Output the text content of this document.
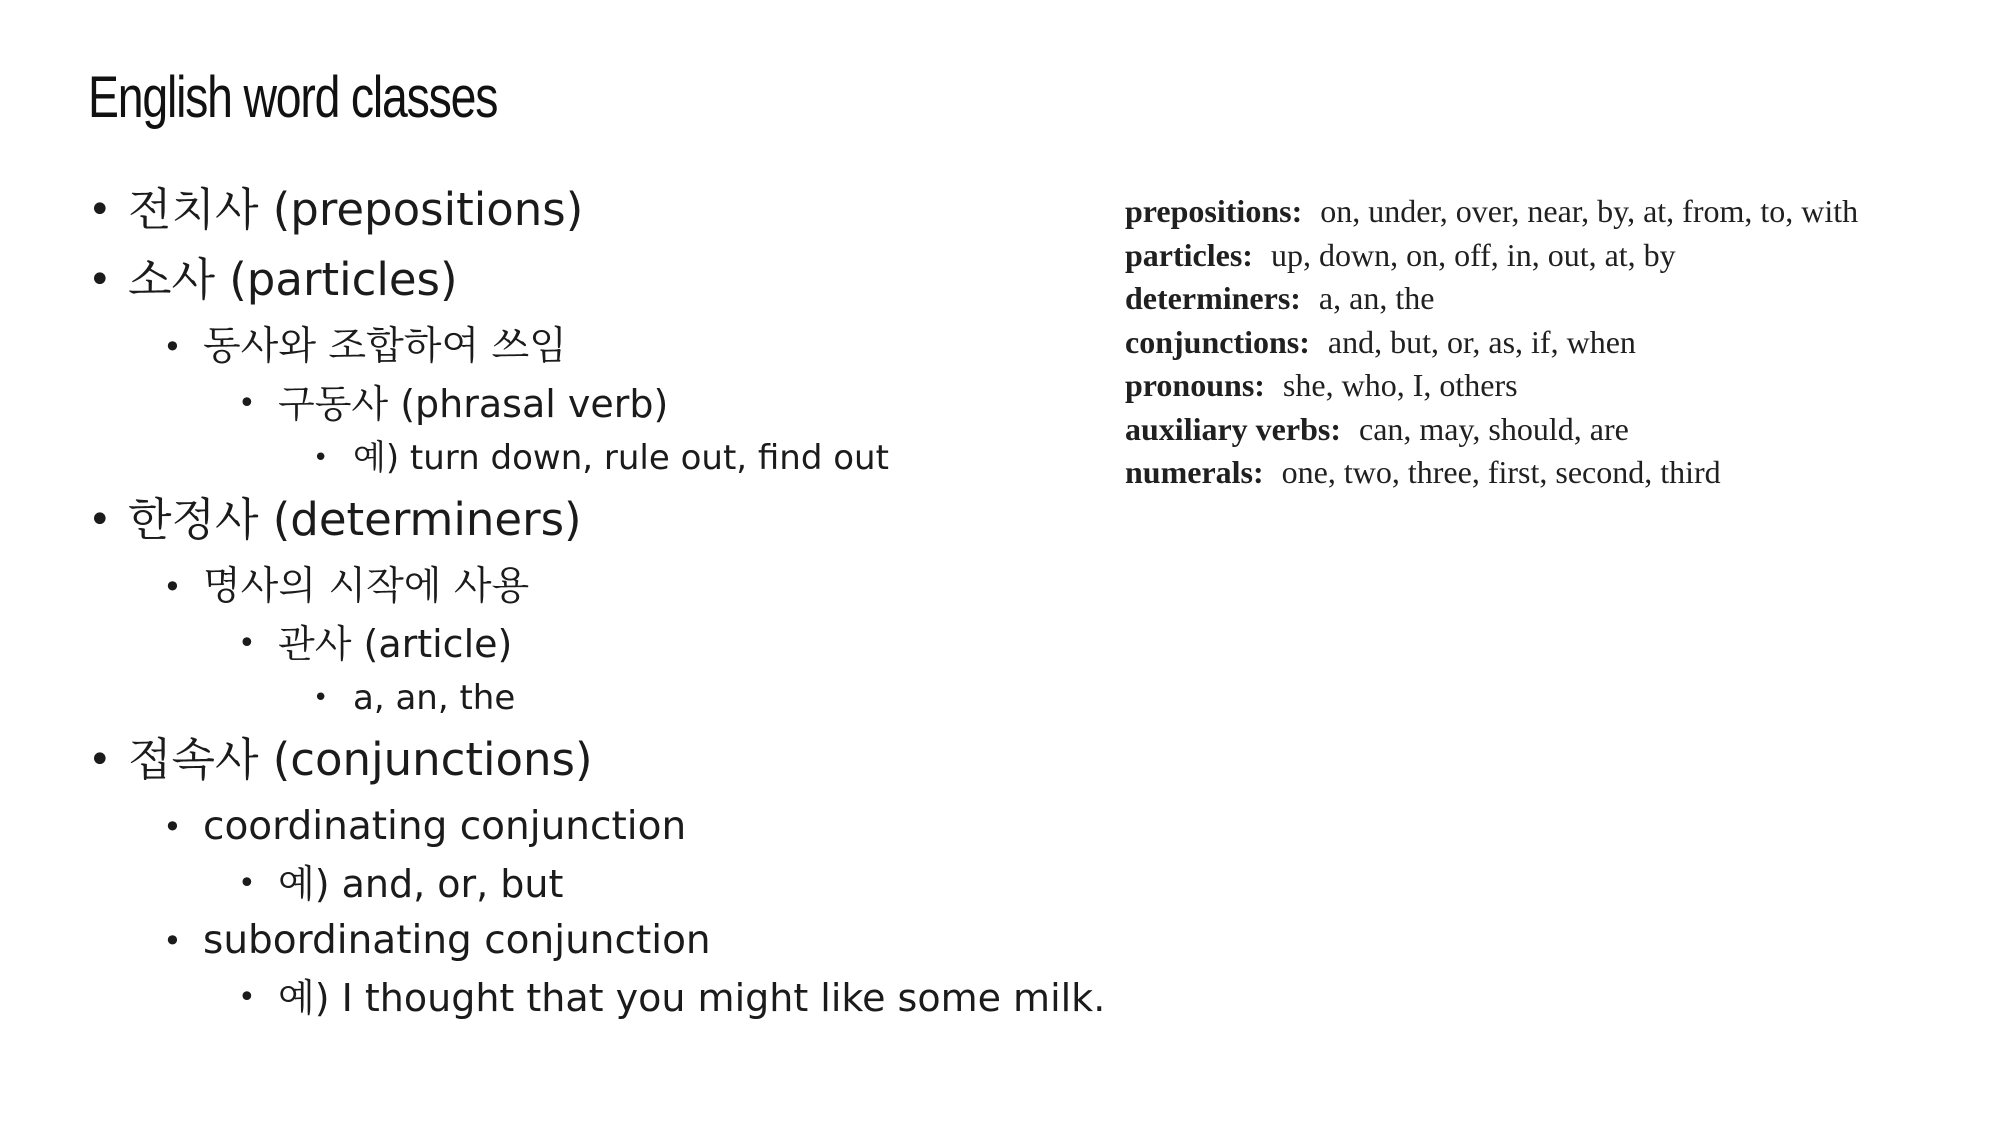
English word classes
• 전치사 (prepositions)
• 소사 (particles)
• 동사와 조합하여 쓰임
• 구동사 (phrasal verb)
• 예) turn down, rule out, find out
• 한정사 (determiners)
• 명사의 시작에 사용
• 관사 (article)
• a, an, the
• 접속사 (conjunctions)
• coordinating conjunction
• 예) and, or, but
• subordinating conjunction
• 예) I thought that you might like some milk.
prepositions: on, under, over, near, by, at, from, to, with
particles: up, down, on, off, in, out, at, by
determiners: a, an, the
conjunctions: and, but, or, as, if, when
pronouns: she, who, I, others
auxiliary verbs: can, may, should, are
numerals: one, two, three, first, second, third
